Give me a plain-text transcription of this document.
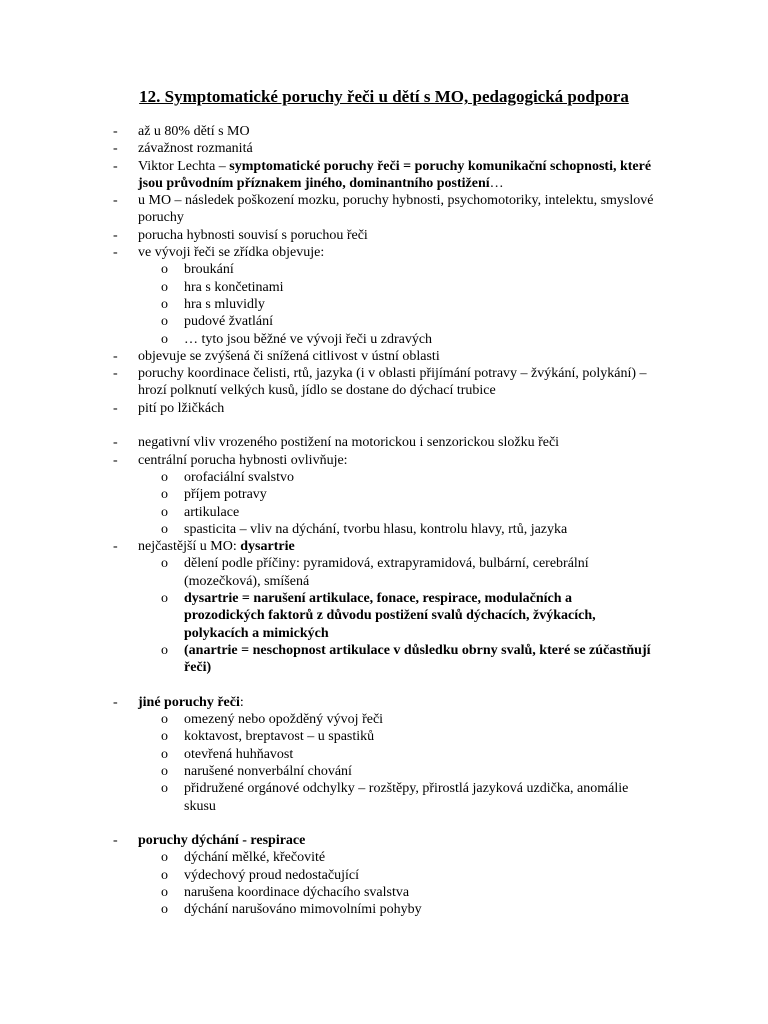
12. Symptomatické poruchy řeči u dětí s MO, pedagogická podpora
- až u 80% dětí s MO
- závažnost rozmanitá
- Viktor Lechta – symptomatické poruchy řeči = poruchy komunikační schopnosti, které jsou průvodním příznakem jiného, dominantního postižení…
- u MO – následek poškození mozku, poruchy hybnosti, psychomotoriky, intelektu, smyslové poruchy
- porucha hybnosti souvisí s poruchou řeči
- ve vývoji řeči se zřídka objevuje:
o broukání
o hra s končetinami
o hra s mluvidly
o pudové žvatlání
o … tyto jsou běžné ve vývoji řeči u zdravých
- objevuje se zvýšená či snížená citlivost v ústní oblasti
- poruchy koordinace čelisti, rtů, jazyka (i v oblasti přijímání potravy – žvýkání, polykání) – hrozí polknutí velkých kusů, jídlo se dostane do dýchací trubice
- pití po lžičkách
- negativní vliv vrozeného postižení na motorickou i senzorickou složku řeči
- centrální porucha hybnosti ovlivňuje:
o orofaciální svalstvo
o příjem potravy
o artikulace
o spasticita – vliv na dýchání, tvorbu hlasu, kontrolu hlavy, rtů, jazyka
- nejčastější u MO: dysartrie
o dělení podle příčiny: pyramidová, extrapyramidová, bulbární, cerebrální (mozečková), smíšená
o dysartrie = narušení artikulace, fonace, respirace, modulačních a prozodických faktorů z důvodu postižení svalů dýchacích, žvýkacích, polykacích a mimických
o (anartrie = neschopnost artikulace v důsledku obrny svalů, které se zúčastňují řeči)
- jiné poruchy řeči:
o omezený nebo opožděný vývoj řeči
o koktavost, breptavost – u spastiků
o otevřená huhňavost
o narušené nonverbální chování
o přidružené orgánové odchylky – rozštěpy, přirostlá jazyková uzdička, anomálie skusu
- poruchy dýchání - respirace
o dýchání mělké, křečovité
o výdechový proud nedostačující
o narušena koordinace dýchacího svalstva
o dýchání narušováno mimovolními pohyby
